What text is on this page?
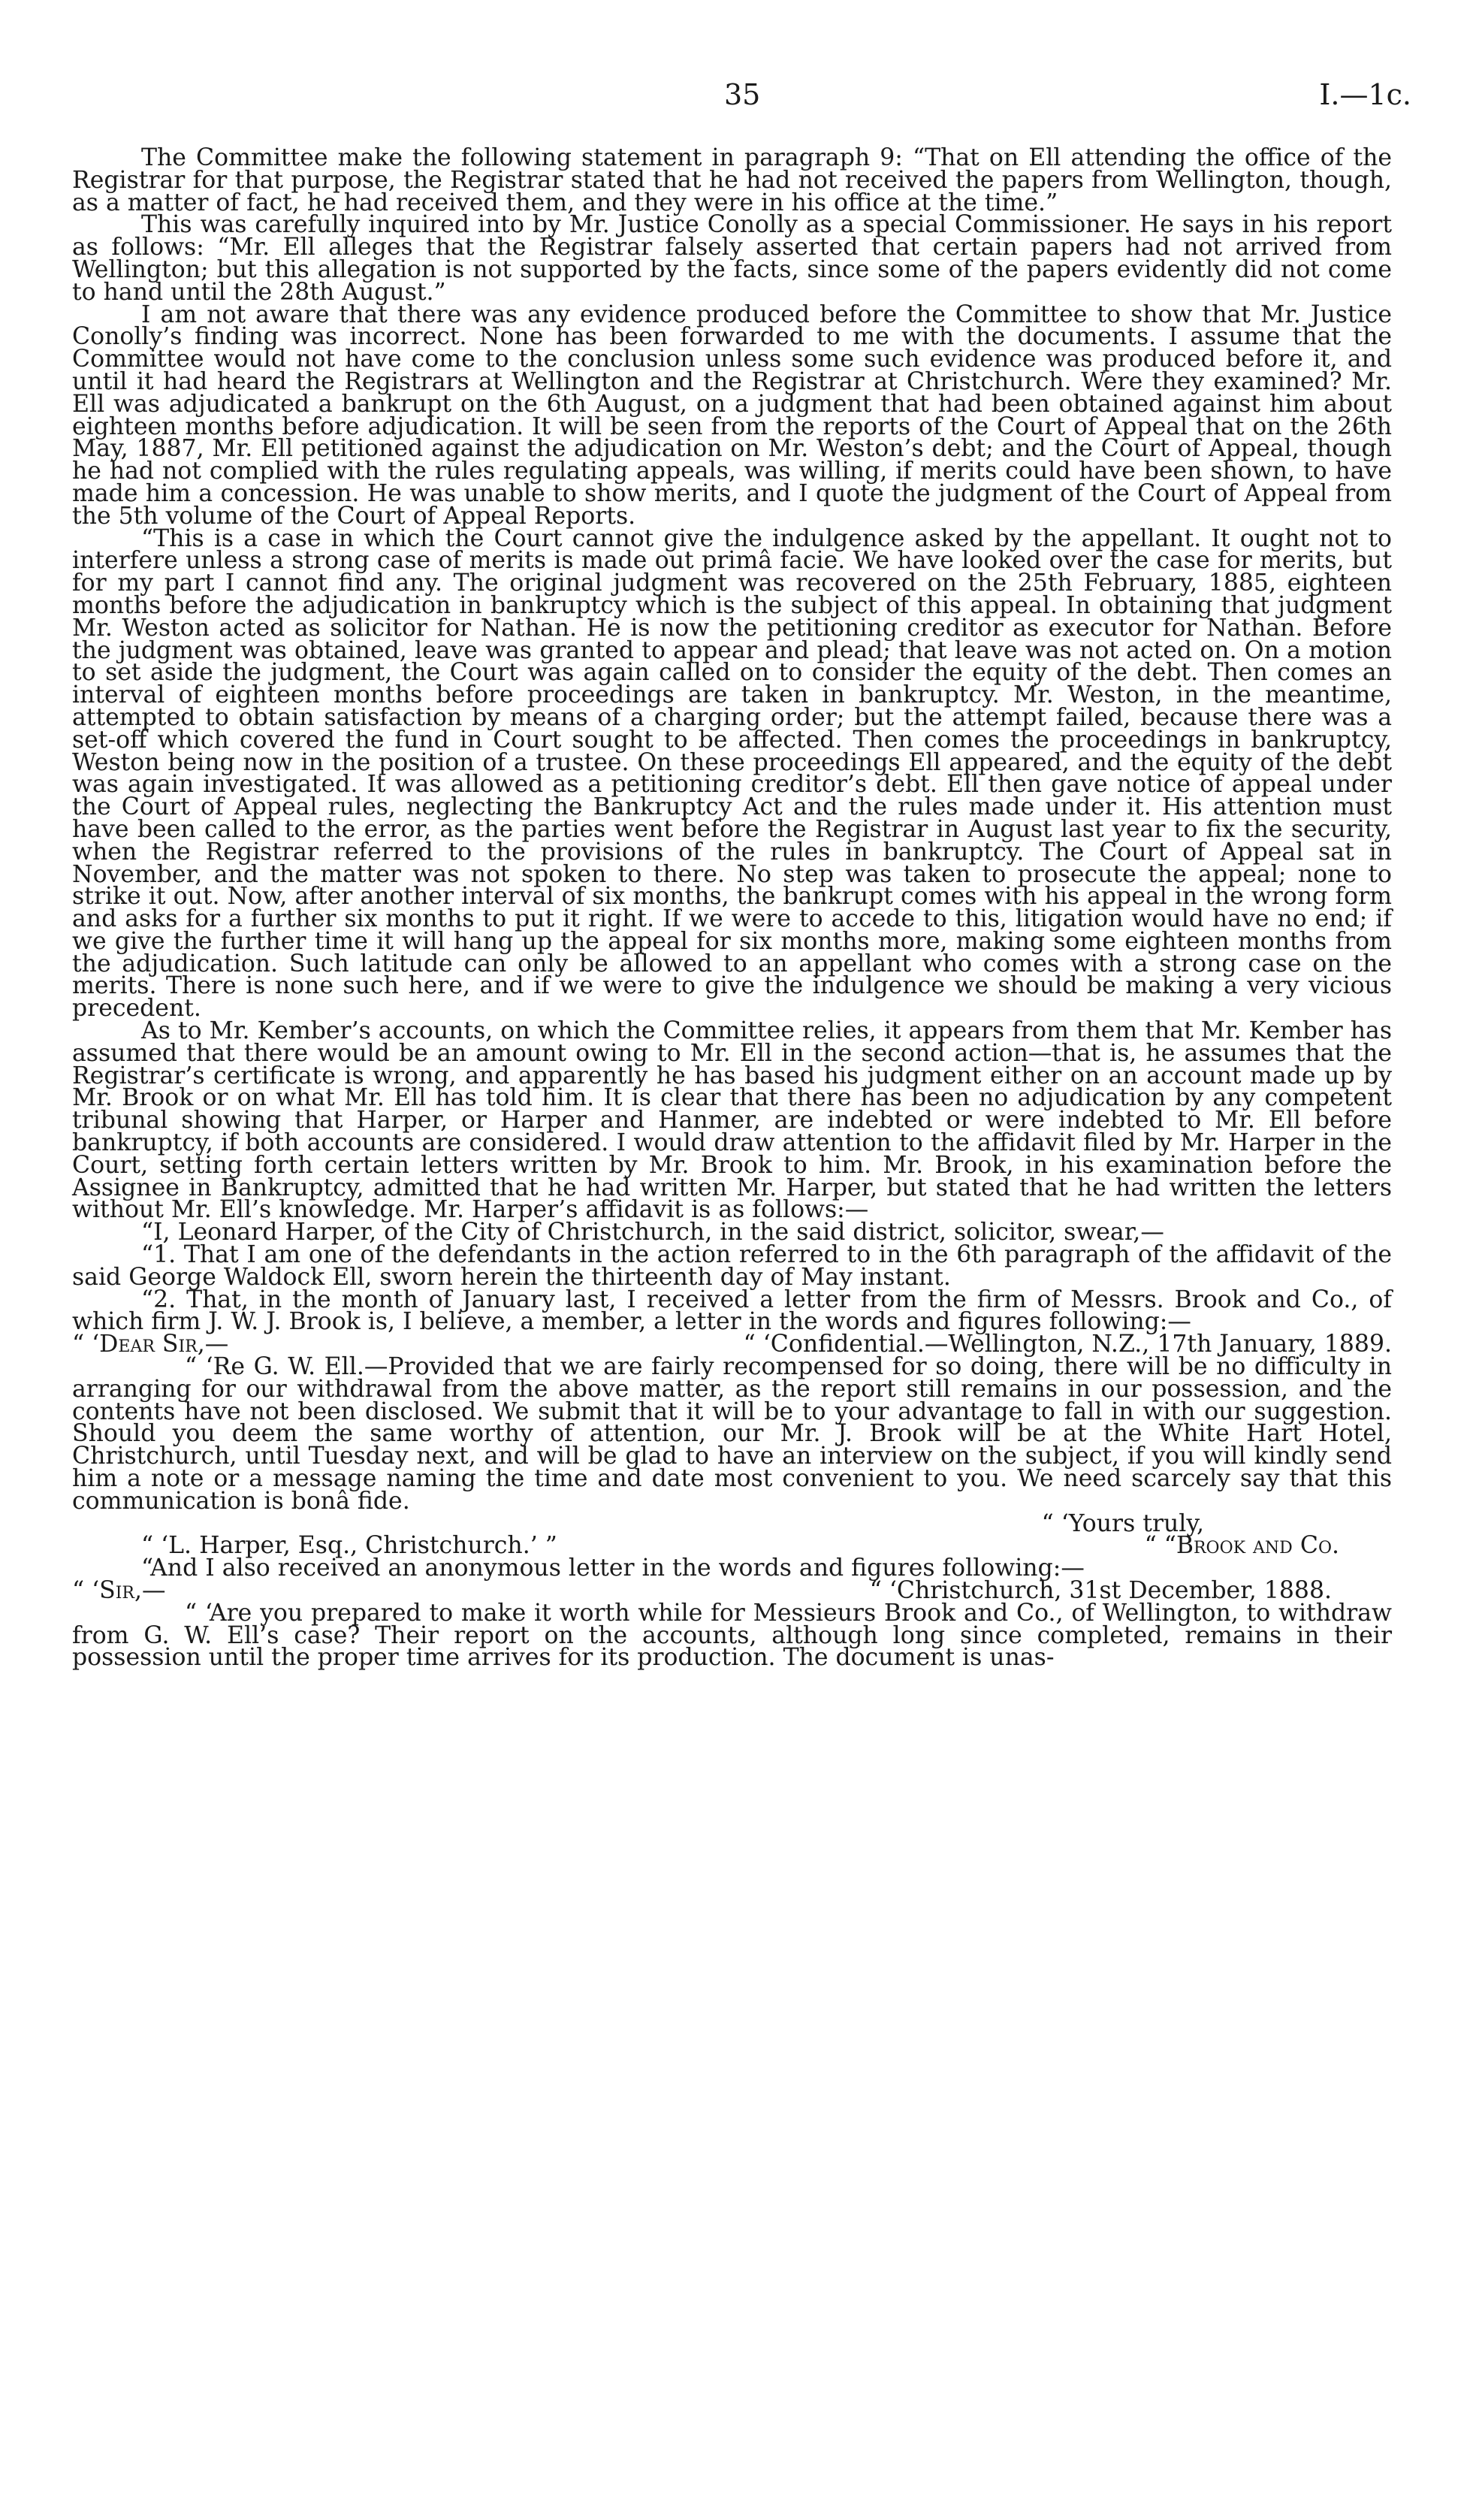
35	I.—1c.

The Committee make the following statement in paragraph 9: “That on Ell attending the office of the Registrar for that purpose, the Registrar stated that he had not received the papers from Wellington, though, as a matter of fact, he had received them, and they were in his office at the time.”

This was carefully inquired into by Mr. Justice Conolly as a special Commissioner. He says in his report as follows: “Mr. Ell alleges that the Registrar falsely asserted that certain papers had not arrived from Wellington; but this allegation is not supported by the facts, since some of the papers evidently did not come to hand until the 28th August.”

I am not aware that there was any evidence produced before the Committee to show that Mr. Justice Conolly’s finding was incorrect. None has been forwarded to me with the documents. I assume that the Committee would not have come to the conclusion unless some such evidence was produced before it, and until it had heard the Registrars at Wellington and the Registrar at Christchurch. Were they examined? Mr. Ell was adjudicated a bankrupt on the 6th August, on a judgment that had been obtained against him about eighteen months before adjudication. It will be seen from the reports of the Court of Appeal that on the 26th May, 1887, Mr. Ell petitioned against the adjudication on Mr. Weston’s debt; and the Court of Appeal, though he had not complied with the rules regulating appeals, was willing, if merits could have been shown, to have made him a concession. He was unable to show merits, and I quote the judgment of the Court of Appeal from the 5th volume of the Court of Appeal Reports.

“This is a case in which the Court cannot give the indulgence asked by the appellant. It ought not to interfere unless a strong case of merits is made out primâ facie. We have looked over the case for merits, but for my part I cannot find any. The original judgment was recovered on the 25th February, 1885, eighteen months before the adjudication in bankruptcy which is the subject of this appeal. In obtaining that judgment Mr. Weston acted as solicitor for Nathan. He is now the petitioning creditor as executor for Nathan. Before the judgment was obtained, leave was granted to appear and plead; that leave was not acted on. On a motion to set aside the judgment, the Court was again called on to consider the equity of the debt. Then comes an interval of eighteen months before proceedings are taken in bankruptcy. Mr. Weston, in the meantime, attempted to obtain satisfaction by means of a charging order; but the attempt failed, because there was a set-off which covered the fund in Court sought to be affected. Then comes the proceedings in bankruptcy, Weston being now in the position of a trustee. On these proceedings Ell appeared, and the equity of the debt was again investigated. It was allowed as a petitioning creditor’s debt. Ell then gave notice of appeal under the Court of Appeal rules, neglecting the Bankruptcy Act and the rules made under it. His attention must have been called to the error, as the parties went before the Registrar in August last year to fix the security, when the Registrar referred to the provisions of the rules in bankruptcy. The Court of Appeal sat in November, and the matter was not spoken to there. No step was taken to prosecute the appeal; none to strike it out. Now, after another interval of six months, the bankrupt comes with his appeal in the wrong form and asks for a further six months to put it right. If we were to accede to this, litigation would have no end; if we give the further time it will hang up the appeal for six months more, making some eighteen months from the adjudication. Such latitude can only be allowed to an appellant who comes with a strong case on the merits. There is none such here, and if we were to give the indulgence we should be making a very vicious precedent.

As to Mr. Kember’s accounts, on which the Committee relies, it appears from them that Mr. Kember has assumed that there would be an amount owing to Mr. Ell in the second action—that is, he assumes that the Registrar’s certificate is wrong, and apparently he has based his judgment either on an account made up by Mr. Brook or on what Mr. Ell has told him. It is clear that there has been no adjudication by any competent tribunal showing that Harper, or Harper and Hanmer, are indebted or were indebted to Mr. Ell before bankruptcy, if both accounts are considered. I would draw attention to the affidavit filed by Mr. Harper in the Court, setting forth certain letters written by Mr. Brook to him. Mr. Brook, in his examination before the Assignee in Bankruptcy, admitted that he had written Mr. Harper, but stated that he had written the letters without Mr. Ell’s knowledge. Mr. Harper’s affidavit is as follows:—

“I, Leonard Harper, of the City of Christchurch, in the said district, solicitor, swear,—

“1. That I am one of the defendants in the action referred to in the 6th paragraph of the affidavit of the said George Waldock Ell, sworn herein the thirteenth day of May instant.

“2. That, in the month of January last, I received a letter from the firm of Messrs. Brook and Co., of which firm J. W. J. Brook is, I believe, a member, a letter in the words and figures following:—

“ ‘Dear Sir,—	“ ‘Confidential.—Wellington, N.Z., 17th January, 1889.

“ ‘Re G. W. Ell.—Provided that we are fairly recompensed for so doing, there will be no difficulty in arranging for our withdrawal from the above matter, as the report still remains in our possession, and the contents have not been disclosed. We submit that it will be to your advantage to fall in with our suggestion. Should you deem the same worthy of attention, our Mr. J. Brook will be at the White Hart Hotel, Christchurch, until Tuesday next, and will be glad to have an interview on the subject, if you will kindly send him a note or a message naming the time and date most convenient to you. We need scarcely say that this communication is bonâ fide.

“ ‘Yours truly,
“ ‘L. Harper, Esq., Christchurch.’ ”	“ “Brook and Co.

“And I also received an anonymous letter in the words and figures following:—

“ ‘Sir,—	“ ‘Christchurch, 31st December, 1888.

“ ‘Are you prepared to make it worth while for Messieurs Brook and Co., of Wellington, to withdraw from G. W. Ell’s case? Their report on the accounts, although long since completed, remains in their possession until the proper time arrives for its production. The document is unas-
